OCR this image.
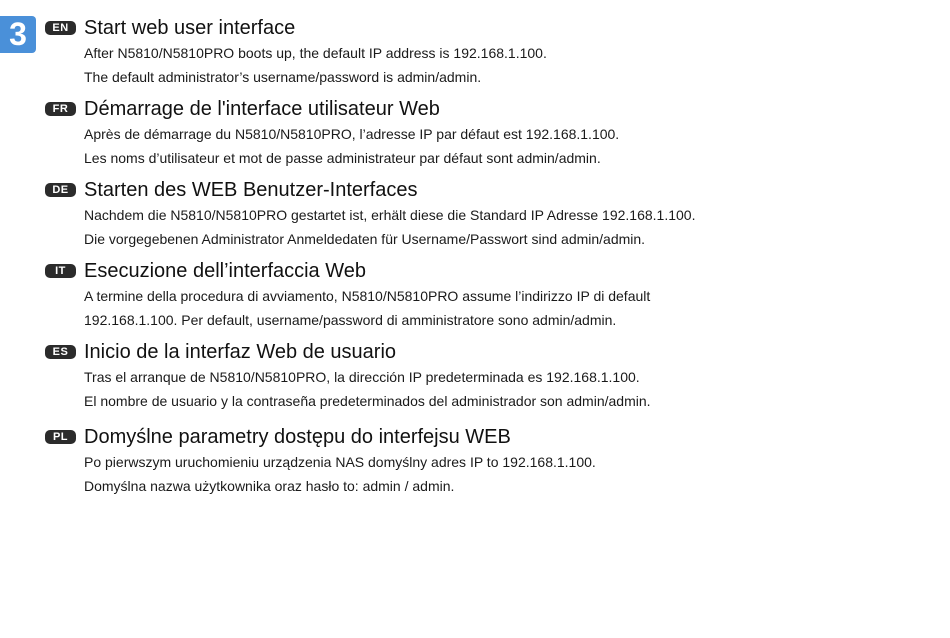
3	EN Start web user interface

After N5810/N5810PRO boots up, the default IP address is 192.168.1.100.

The default administrator’s username/password is admin/admin.

FR Démarrage de l'interface utilisateur Web

Après de démarrage du N5810/N5810PRO, l’adresse IP par défaut est 192.168.1.100.

Les noms d’utilisateur et mot de passe administrateur par défaut sont admin/admin.

DE Starten des WEB Benutzer-Interfaces

Nachdem die N5810/N5810PRO gestartet ist, erhält diese die Standard IP Adresse 192.168.1.100.

Die vorgegebenen Administrator Anmeldedaten für Username/Passwort sind admin/admin.

IT Esecuzione dell’interfaccia Web

A termine della procedura di avviamento, N5810/N5810PRO assume l’indirizzo IP di default

192.168.1.100. Per default, username/password di amministratore sono admin/admin.

ES Inicio de la interfaz Web de usuario

Tras el arranque de N5810/N5810PRO, la dirección IP predeterminada es 192.168.1.100.

El nombre de usuario y la contraseña predeterminados del administrador son admin/admin.

PL Domyślne parametry dostępu do interfejsu WEB

Po pierwszym uruchomieniu urządzenia NAS domyślny adres IP to 192.168.1.100.

Domyślna nazwa użytkownika oraz hasło to: admin / admin.
